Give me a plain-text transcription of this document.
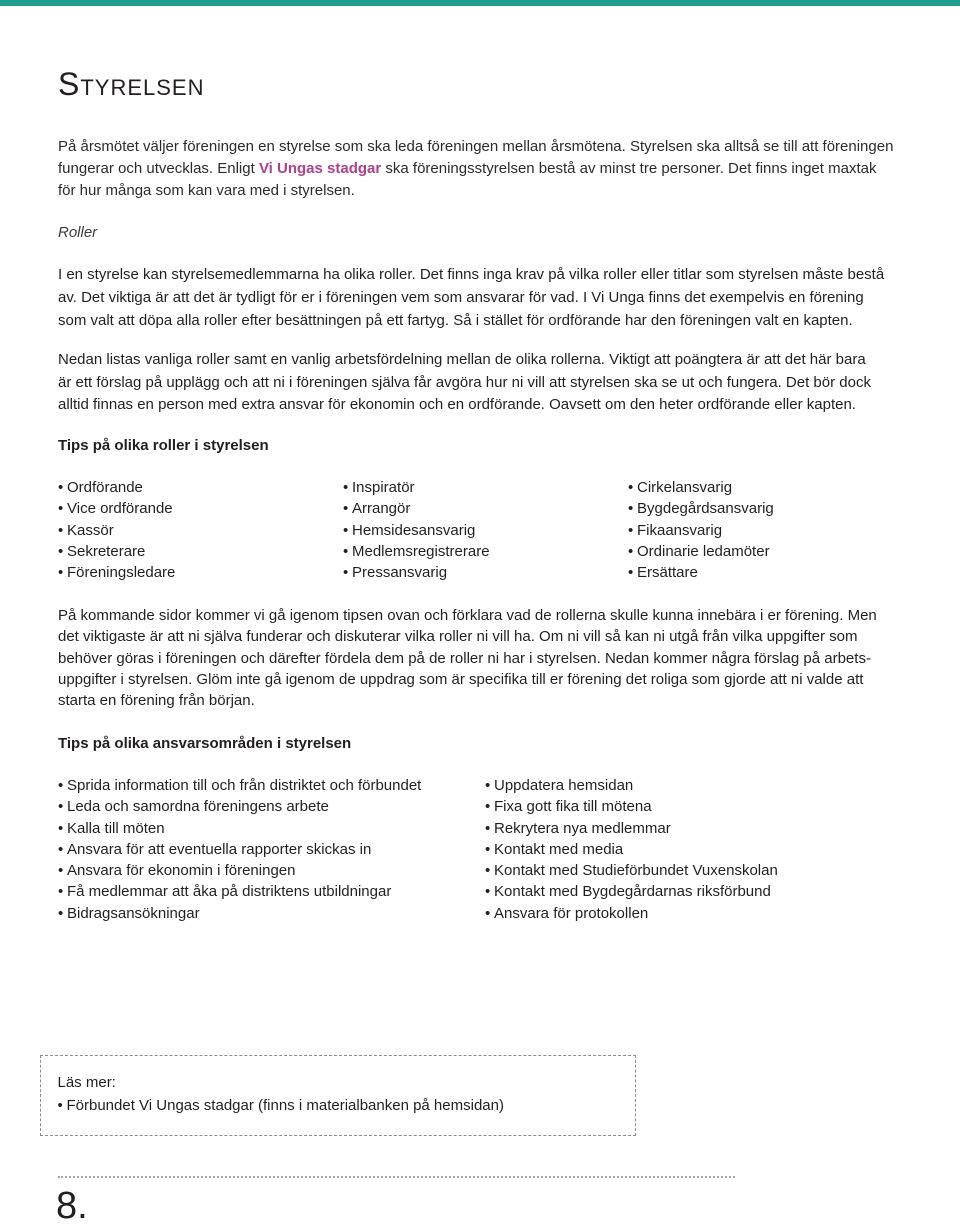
Styrelsen
På årsmötet väljer föreningen en styrelse som ska leda föreningen mellan årsmötena. Styrelsen ska alltså se till att föreningen
fungerar och utvecklas. Enligt Vi Ungas stadgar ska föreningsstyrelsen bestå av minst tre personer. Det finns inget maxtak
för hur många som kan vara med i styrelsen.
Roller
I en styrelse kan styrelsemedlemmarna ha olika roller. Det finns inga krav på vilka roller eller titlar som styrelsen måste bestå
av. Det viktiga är att det är tydligt för er i föreningen vem som ansvarar för vad. I Vi Unga finns det exempelvis en förening
som valt att döpa alla roller efter besättningen på ett fartyg. Så i stället för ordförande har den föreningen valt en kapten.
Nedan listas vanliga roller samt en vanlig arbetsfördelning mellan de olika rollerna. Viktigt att poängtera är att det här bara
är ett förslag på upplägg och att ni i föreningen själva får avgöra hur ni vill att styrelsen ska se ut och fungera. Det bör dock
alltid finnas en person med extra ansvar för ekonomin och en ordförande. Oavsett om den heter ordförande eller kapten.
Tips på olika roller i styrelsen
•Ordförande
•Vice ordförande
•Kassör
•Sekreterare
•Föreningsledare
•Inspiratör
•Arrangör
•Hemsidesansvarig
•Medlemsregistrerare
•Pressansvarig
•Cirkelansvarig
•Bygdegårdsansvarig
•Fikaansvarig
•Ordinarie ledamöter
•Ersättare
På kommande sidor kommer vi gå igenom tipsen ovan och förklara vad de rollerna skulle kunna innebära i er förening. Men
det viktigaste är att ni själva funderar och diskuterar vilka roller ni vill ha. Om ni vill så kan ni utgå från vilka uppgifter som
behöver göras i föreningen och därefter fördela dem på de roller ni har i styrelsen. Nedan kommer några förslag på arbets-
uppgifter i styrelsen. Glöm inte gå igenom de uppdrag som är specifika till er förening det roliga som gjorde att ni valde att
starta en förening från början.
Tips på olika ansvarsområden i styrelsen
•Sprida information till och från distriktet och förbundet
•Leda och samordna föreningens arbete
•Kalla till möten
•Ansvara för att eventuella rapporter skickas in
•Ansvara för ekonomin i föreningen
•Få medlemmar att åka på distriktens utbildningar
•Bidragsansökningar
•Uppdatera hemsidan
•Fixa gott fika till mötena
•Rekrytera nya medlemmar
•Kontakt med media
•Kontakt med Studieförbundet Vuxenskolan
•Kontakt med Bygdegårdarnas riksförbund
•Ansvara för protokollen
Läs mer:
•Förbundet Vi Ungas stadgar (finns i materialbanken på hemsidan)
8.
